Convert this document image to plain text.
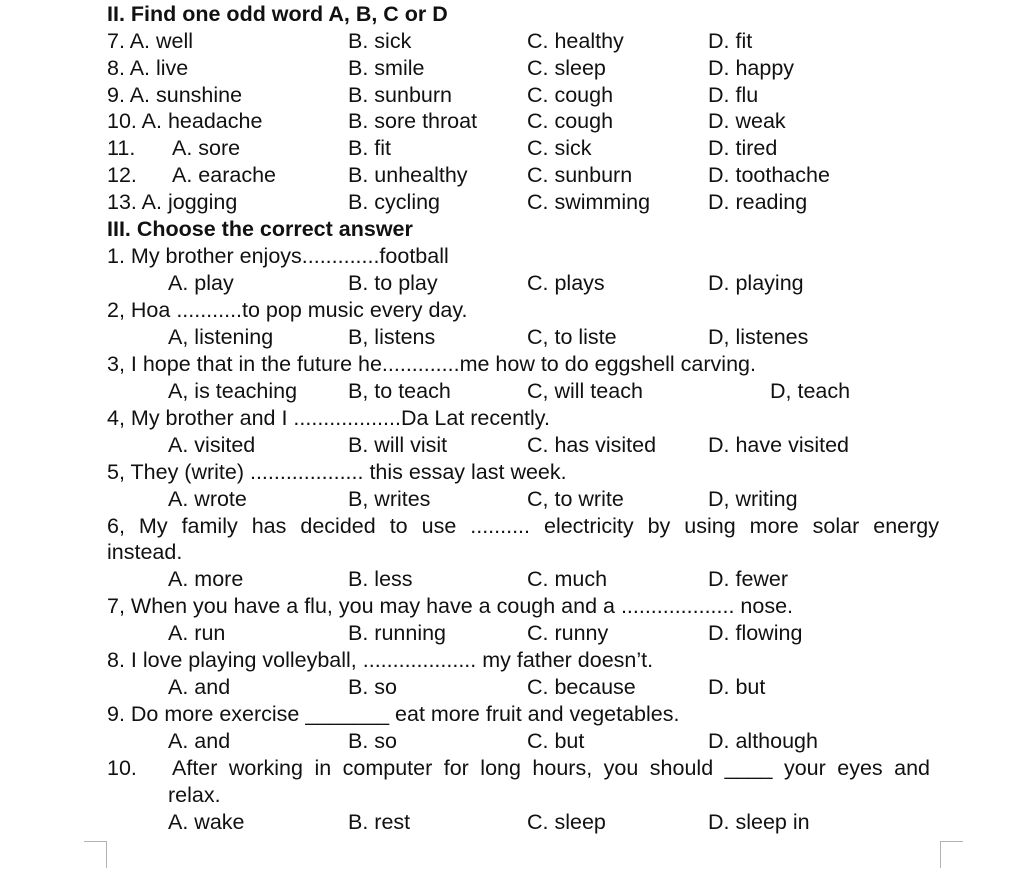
II. Find one odd word A, B, C or D
7. A. well	B. sick	C. healthy	D. fit
8. A. live	B. smile	C. sleep	D. happy
9. A. sunshine	B. sunburn	C. cough	D. flu
10. A. headache	B. sore throat C. cough	D. weak
11. A. sore	B. fit	C. sick	D. tired
12. A. earache	B. unhealthy	C. sunburn	D. toothache
13. A. jogging	B. cycling	C. swimming	D. reading
III. Choose the correct answer
1. My brother enjoys.............football
A. play	B. to play	C. plays	D. playing
2, Hoa ...........to pop music every day.
A, listening	B, listens	C, to liste	D, listenes
3, I hope that in the future he.............me how to do eggshell carving.
A, is teaching B, to teach	C, will teach	D, teach
4, My brother and I ..................Da Lat recently.
A. visited	B. will visit	C. has visited D. have visited
5, They (write) ................... this essay last week.
A. wrote	B, writes	C, to write	D, writing
6, My family has decided to use .......... electricity by using more solar energy
instead.
A. more	B. less	C. much	D. fewer
7, When you have a flu, you may have a cough and a ................... nose.
A. run	B. running	C. runny	D. flowing
8. I love playing volleyball, ................... my father doesn’t.
A. and	B. so	C. because	D. but
9. Do more exercise _______ eat more fruit and vegetables.
A. and	B. so	C. but	D. although
10. After working in computer for long hours, you should ____ your eyes and
relax.
A. wake	B. rest	C. sleep	D. sleep in
